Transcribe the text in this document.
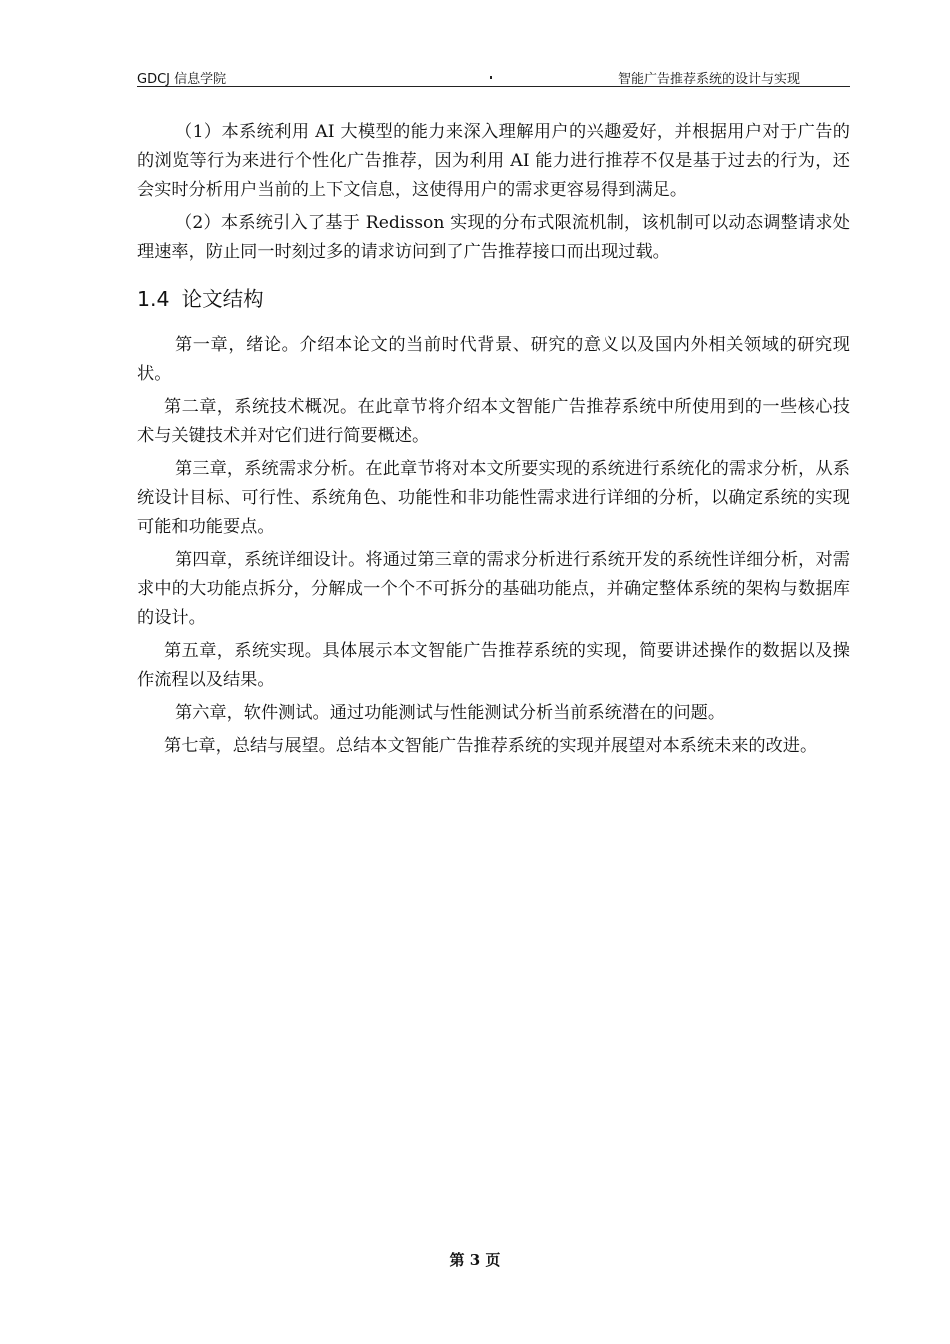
GDCJ 信息学院	智能广告推荐系统的设计与实现

（1）本系统利用 AI 大模型的能力来深入理解用户的兴趣爱好，并根据用户对于广告的的浏览等行为来进行个性化广告推荐，因为利用 AI 能力进行推荐不仅是基于过去的行为，还会实时分析用户当前的上下文信息，这使得用户的需求更容易得到满足。

（2）本系统引入了基于 Redisson 实现的分布式限流机制，该机制可以动态调整请求处理速率，防止同一时刻过多的请求访问到了广告推荐接口而出现过载。

1.4 论文结构

第一章，绪论。介绍本论文的当前时代背景、研究的意义以及国内外相关领域的研究现状。

第二章，系统技术概况。在此章节将介绍本文智能广告推荐系统中所使用到的一些核心技术与关键技术并对它们进行简要概述。

第三章，系统需求分析。在此章节将对本文所要实现的系统进行系统化的需求分析，从系统设计目标、可行性、系统角色、功能性和非功能性需求进行详细的分析，以确定系统的实现可能和功能要点。

第四章，系统详细设计。将通过第三章的需求分析进行系统开发的系统性详细分析，对需求中的大功能点拆分，分解成一个个不可拆分的基础功能点，并确定整体系统的架构与数据库的设计。

第五章，系统实现。具体展示本文智能广告推荐系统的实现，简要讲述操作的数据以及操作流程以及结果。

第六章，软件测试。通过功能测试与性能测试分析当前系统潜在的问题。

第七章，总结与展望。总结本文智能广告推荐系统的实现并展望对本系统未来的改进。

第 3 页
